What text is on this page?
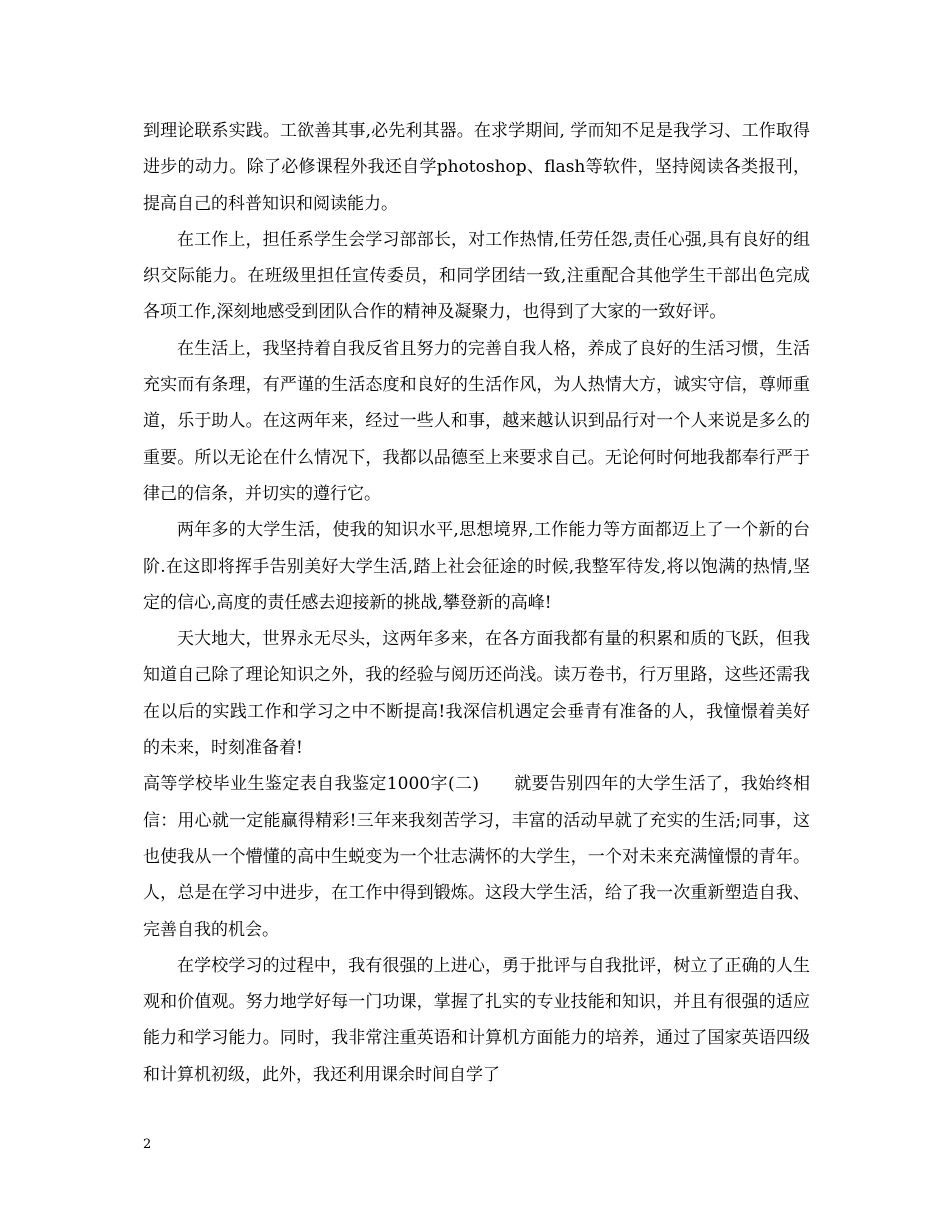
到理论联系实践。工欲善其事,必先利其器。在求学期间, 学而知不足是我学习、工作取得进步的动力。除了必修课程外我还自学photoshop、flash等软件，坚持阅读各类报刊，提高自己的科普知识和阅读能力。

在工作上，担任系学生会学习部部长，对工作热情,任劳任怨,责任心强,具有良好的组织交际能力。在班级里担任宣传委员，和同学团结一致,注重配合其他学生干部出色完成各项工作,深刻地感受到团队合作的精神及凝聚力，也得到了大家的一致好评。

在生活上，我坚持着自我反省且努力的完善自我人格，养成了良好的生活习惯，生活充实而有条理，有严谨的生活态度和良好的生活作风，为人热情大方，诚实守信，尊师重道，乐于助人。在这两年来，经过一些人和事，越来越认识到品行对一个人来说是多么的重要。所以无论在什么情况下，我都以品德至上来要求自己。无论何时何地我都奉行严于律己的信条，并切实的遵行它。

两年多的大学生活，使我的知识水平,思想境界,工作能力等方面都迈上了一个新的台阶.在这即将挥手告别美好大学生活,踏上社会征途的时候,我整军待发,将以饱满的热情,坚定的信心,高度的责任感去迎接新的挑战,攀登新的高峰!

天大地大，世界永无尽头，这两年多来，在各方面我都有量的积累和质的飞跃，但我知道自己除了理论知识之外，我的经验与阅历还尚浅。读万卷书，行万里路，这些还需我在以后的实践工作和学习之中不断提高!我深信机遇定会垂青有准备的人，我憧憬着美好的未来，时刻准备着!

高等学校毕业生鉴定表自我鉴定1000字(二)　　就要告别四年的大学生活了，我始终相信：用心就一定能赢得精彩!三年来我刻苦学习，丰富的活动早就了充实的生活;同事，这也使我从一个懵懂的高中生蜕变为一个壮志满怀的大学生，一个对未来充满憧憬的青年。人，总是在学习中进步，在工作中得到锻炼。这段大学生活，给了我一次重新塑造自我、完善自我的机会。

在学校学习的过程中，我有很强的上进心，勇于批评与自我批评，树立了正确的人生观和价值观。努力地学好每一门功课，掌握了扎实的专业技能和知识，并且有很强的适应能力和学习能力。同时，我非常注重英语和计算机方面能力的培养，通过了国家英语四级和计算机初级，此外，我还利用课余时间自学了

2
